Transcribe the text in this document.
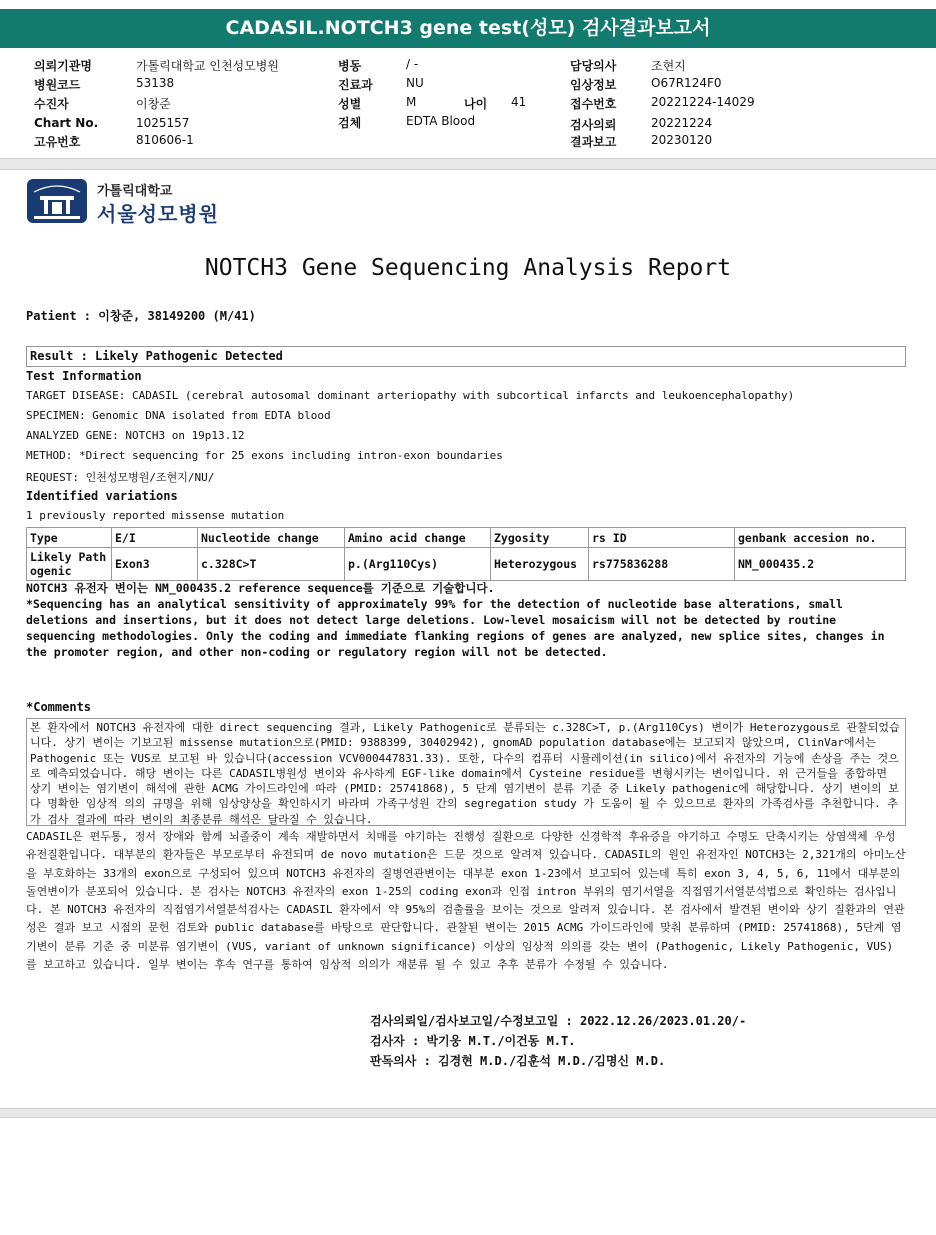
CADASIL.NOTCH3 gene test(성모) 검사결과보고서
의뢰기관명	가톨릭대학교 인천성모병원
병원코드	53138
수진자	이창준
Chart No.	1025157
고유번호	810606-1
병동	/ -
진료과	NU
성별	M	나이 41
검체	EDTA Blood
담당의사	조현지
임상정보	O67R124F0
접수번호	20221224-14029
검사의뢰	20221224
결과보고	20230120
가톨릭대학교
서울성모병원
NOTCH3 Gene Sequencing Analysis Report
Patient : 이창준, 38149200 (M/41)
Result : Likely Pathogenic Detected
Test Information
TARGET DISEASE: CADASIL (cerebral autosomal dominant arteriopathy with subcortical infarcts and leukoencephalopathy)
SPECIMEN: Genomic DNA isolated from EDTA blood
ANALYZED GENE: NOTCH3 on 19p13.12
METHOD: *Direct sequencing for 25 exons including intron-exon boundaries
REQUEST: 인천성모병원/조현지/NU/
Identified variations
1 previously reported missense mutation
Type	E/I	Nucleotide change	Amino acid change	Zygosity	rs ID	genbank accesion no.
Likely Path ogenic	Exon3	c.328C>T	p.(Arg110Cys)	Heterozygous	rs775836288	NM_000435.2
NOTCH3 유전자 변이는 NM_000435.2 reference sequence를 기준으로 기술합니다.
*Sequencing has an analytical sensitivity of approximately 99% for the detection of nucleotide base alterations, small deletions and insertions, but it does not detect large deletions. Low-level mosaicism will not be detected by routine sequencing methodologies. Only the coding and immediate flanking regions of genes are analyzed, new splice sites, changes in the promoter region, and other non-coding or regulatory region will not be detected.
*Comments
본 환자에서 NOTCH3 유전자에 대한 direct sequencing 결과, Likely Pathogenic로 분류되는 c.328C>T, p.(Arg110Cys) 변이가 Heterozygous로 관찰되었습니다. 상기 변이는 기보고된 missense mutation으로(PMID: 9388399, 30402942), gnomAD population database에는 보고되지 않았으며, ClinVar에서는 Pathogenic 또는 VUS로 보고된 바 있습니다(accession VCV000447831.33). 또한, 다수의 컴퓨터 시뮬레이션(in silico)에서 유전자의 기능에 손상을 주는 것으로 예측되었습니다. 해당 변이는 다른 CADASIL병원성 변이와 유사하게 EGF-like domain에서 Cysteine residue를 변형시키는 변이입니다. 위 근거들을 종합하면 상기 변이는 염기변이 해석에 관한 ACMG 가이드라인에 따라 (PMID: 25741868), 5 단계 염기변이 분류 기준 중 Likely pathogenic에 해당합니다. 상기 변이의 보다 명확한 임상적 의의 규명을 위해 임상양상을 확인하시기 바라며 가족구성원 간의 segregation study 가 도움이 될 수 있으므로 환자의 가족검사를 추천합니다. 추가 검사 결과에 따라 변이의 최종분류 해석은 달라질 수 있습니다.
CADASIL은 편두통, 정서 장애와 함께 뇌졸중이 계속 재발하면서 치매를 야기하는 진행성 질환으로 다양한 신경학적 후유증을 야기하고 수명도 단축시키는 상염색체 우성 유전질환입니다. 대부분의 환자들은 부모로부터 유전되며 de novo mutation은 드문 것으로 알려져 있습니다. CADASIL의 원인 유전자인 NOTCH3는 2,321개의 아미노산을 부호화하는 33개의 exon으로 구성되어 있으며 NOTCH3 유전자의 질병연관변이는 대부분 exon 1-23에서 보고되어 있는데 특히 exon 3, 4, 5, 6, 11에서 대부분의 돌연변이가 분포되어 있습니다. 본 검사는 NOTCH3 유전자의 exon 1-25의 coding exon과 인접 intron 부위의 염기서열을 직접염기서열분석법으로 확인하는 검사입니다. 본 NOTCH3 유전자의 직접염기서열분석검사는 CADASIL 환자에서 약 95%의 검출률을 보이는 것으로 알려져 있습니다. 본 검사에서 발견된 변이와 상기 질환과의 연관성은 결과 보고 시점의 문헌 검토와 public database를 바탕으로 판단합니다. 관찰된 변이는 2015 ACMG 가이드라인에 맞춰 분류하며 (PMID: 25741868), 5단계 염기변이 분류 기준 중 미분류 염기변이 (VUS, variant of unknown significance) 이상의 임상적 의의를 갖는 변이 (Pathogenic, Likely Pathogenic, VUS) 를 보고하고 있습니다. 일부 변이는 후속 연구를 통하여 임상적 의의가 재분류 될 수 있고 추후 분류가 수정될 수 있습니다.
검사의뢰일/검사보고일/수정보고일 : 2022.12.26/2023.01.20/-
검사자 : 박기웅 M.T./이건동 M.T.
판독의사 : 김경현 M.D./김훈석 M.D./김명신 M.D.
